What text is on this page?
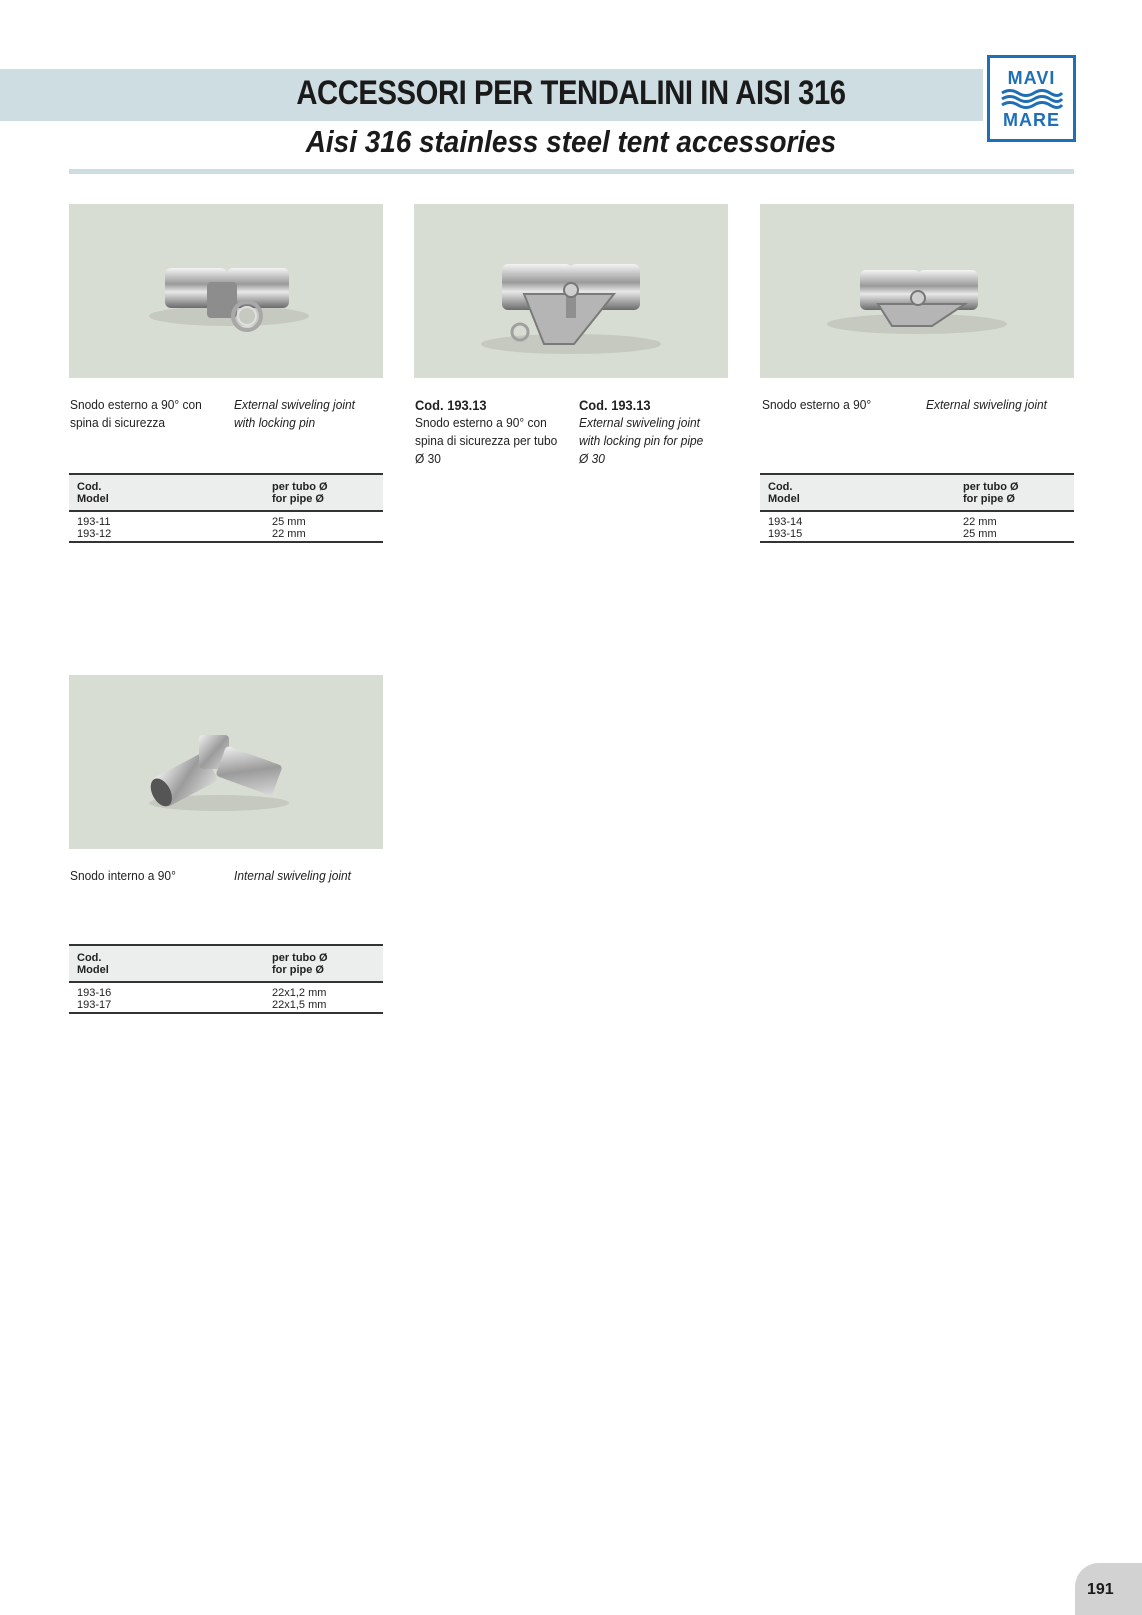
ACCESSORI PER TENDALINI IN AISI 316
Aisi 316 stainless steel tent accessories
MAVI
MARE
Snodo esterno a 90° con spina di sicurezza
External swiveling joint with locking pin
Cod.
Model
per tubo Ø
for pipe Ø
193-11	25 mm
193-12	22 mm
Cod. 193.13
Snodo esterno a 90° con spina di sicurezza per tubo Ø 30
Cod. 193.13
External swiveling joint with locking pin for pipe Ø 30
Snodo esterno a 90°	External swiveling joint
Cod.
Model
per tubo Ø
for pipe Ø
193-14	22 mm
193-15	25 mm
Snodo interno a 90°	Internal swiveling joint
Cod.
Model
per tubo Ø
for pipe Ø
193-16	22x1,2 mm
193-17	22x1,5 mm
191
